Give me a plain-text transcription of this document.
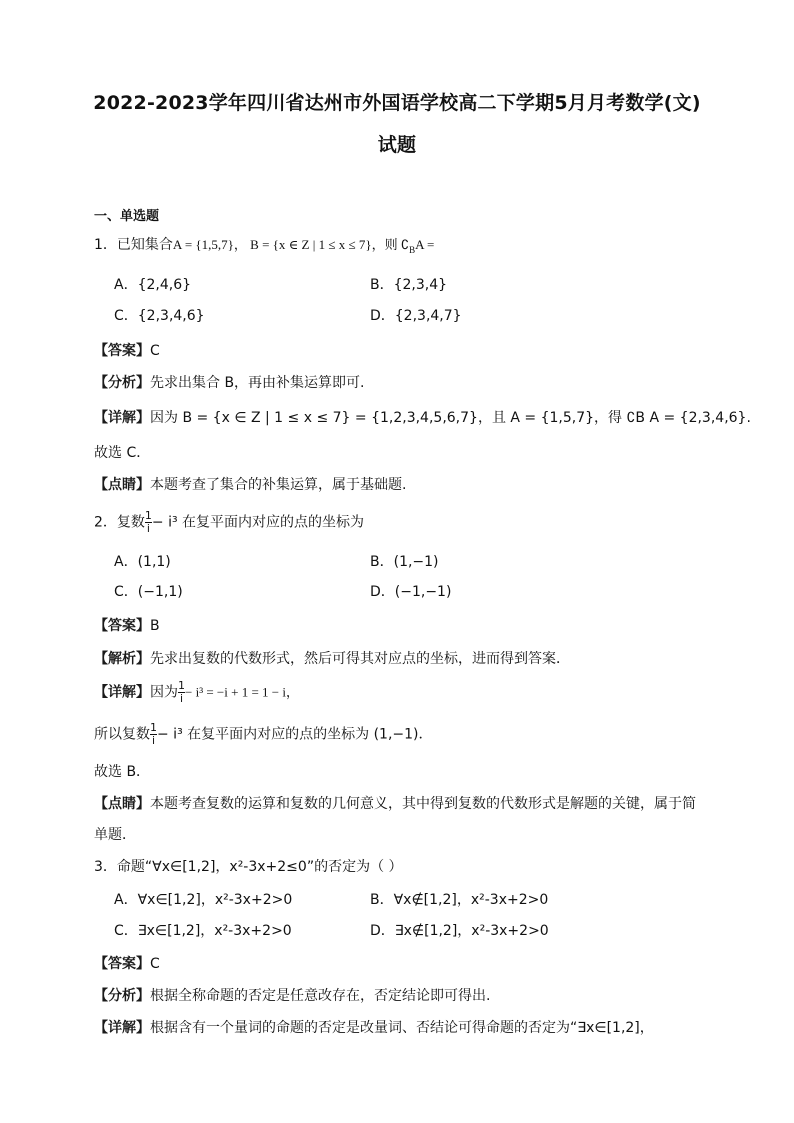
2022-2023学年四川省达州市外国语学校高二下学期5月月考数学(文)
试题
一、单选题
1．已知集合A = {1,5,7}， B = {x ∈ Z | 1 ≤ x ≤ 7}，则 $∁_BA$ =
A．{2,4,6}	B．{2,3,4}
C．{2,3,4,6}	D．{2,3,4,7}
【答案】C
【分析】先求出集合 B，再由补集运算即可.
【详解】因为 B = {x ∈ Z | 1 ≤ x ≤ 7} = {1,2,3,4,5,6,7}，且 A = {1,5,7}，得 ∁B A = {2,3,4,6}.
故选 C．
【点睛】本题考查了集合的补集运算，属于基础题.
2．复数 $\frac{1}{i} - i^3$ 在复平面内对应的点的坐标为
A．(1,1)	B．(1,−1)
C．(−1,1)	D．(−1,−1)
【答案】B
【解析】先求出复数的代数形式，然后可得其对应点的坐标，进而得到答案．
【详解】因为 $\frac{1}{i} - i^3 = -i + 1 = 1 - i$，
所以复数 $\frac{1}{i} - i^3$ 在复平面内对应的点的坐标为 (1,−1)．
故选 B．
【点睛】本题考查复数的运算和复数的几何意义，其中得到复数的代数形式是解题的关键，属于简
单题．
3．命题“∀x∈[1,2]，x²-3x+2≤0”的否定为（ ）
A．∀x∈[1,2]，x²-3x+2>0	B．∀x∉[1,2]，x²-3x+2>0
C．∃x∈[1,2]，x²-3x+2>0	D．∃x∉[1,2]，x²-3x+2>0
【答案】C
【分析】根据全称命题的否定是任意改存在，否定结论即可得出.
【详解】根据含有一个量词的命题的否定是改量词、否结论可得命题的否定为“∃x∈[1,2]，
